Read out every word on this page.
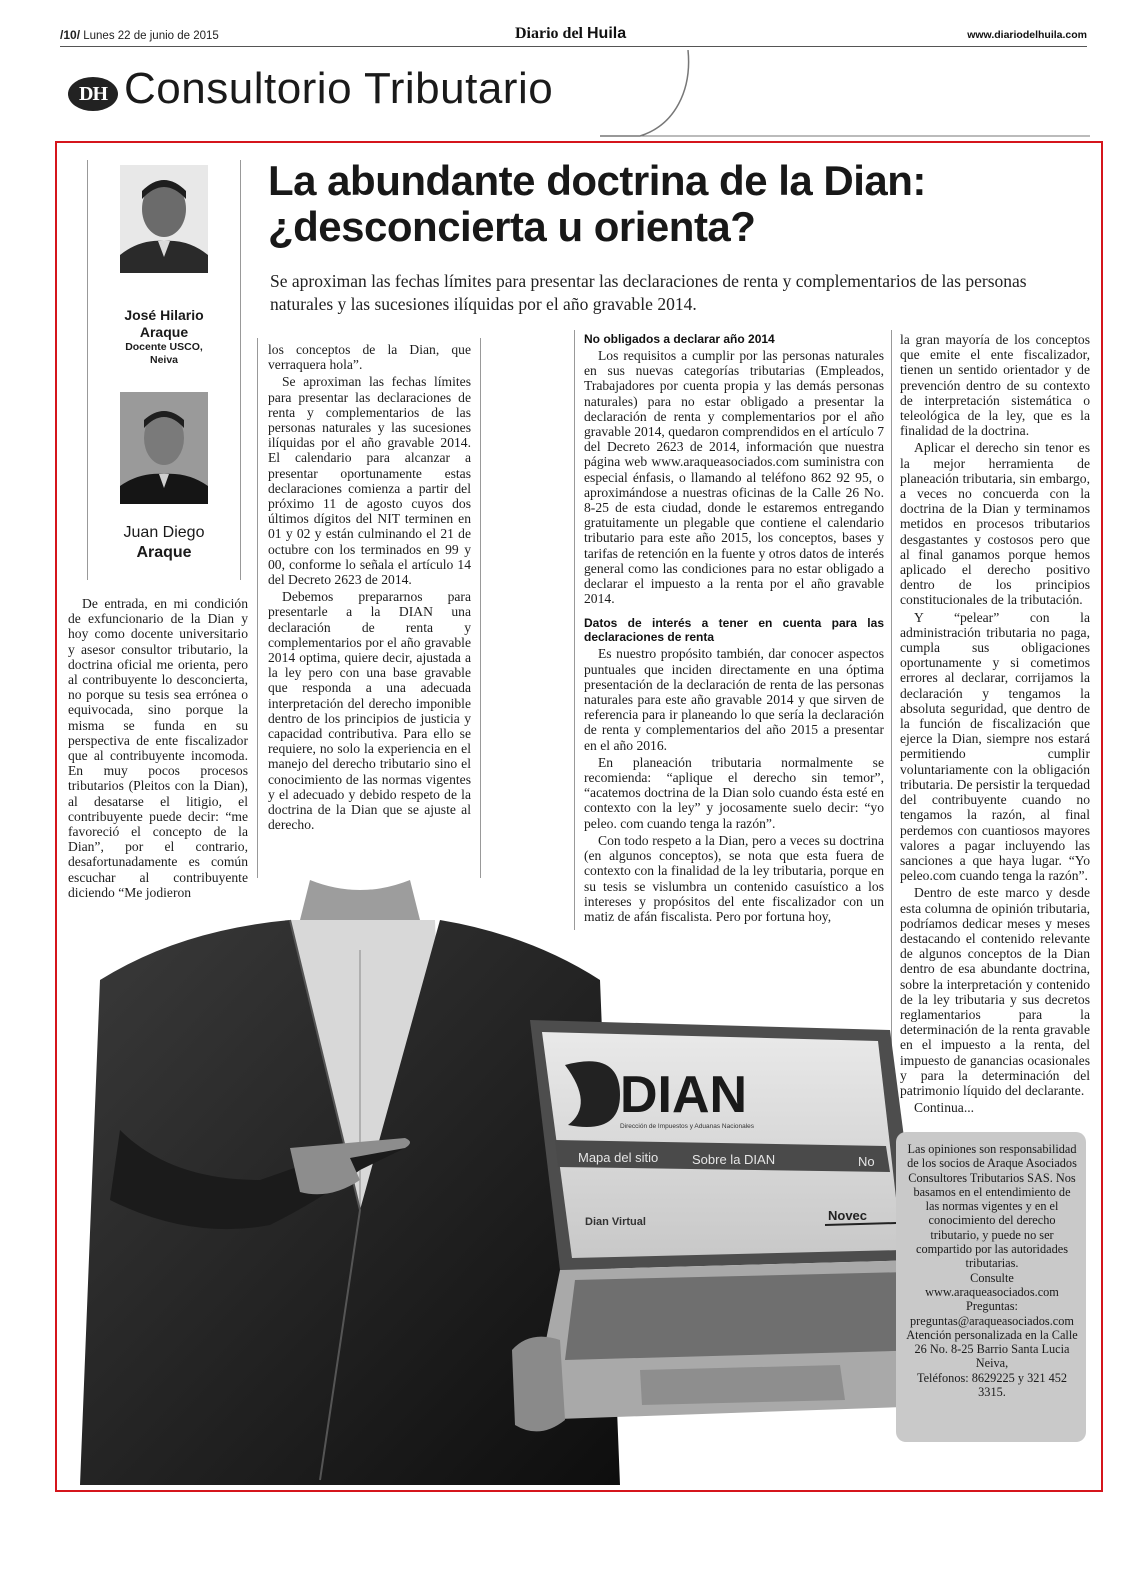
/10/ Lunes 22 de junio de 2015	Diario del Huila	www.diariodelhuila.com
DH Consultorio Tributario
José Hilario
Araque
Docente USCO,
Neiva
Juan Diego
Araque
La abundante doctrina de la Dian:
¿desconcierta u orienta?
Se aproximan las fechas límites para presentar las declaraciones de renta y complementarios de las personas naturales y las sucesiones ilíquidas por el año gravable 2014.

De entrada, en mi condición de exfuncionario de la Dian y hoy como docente universitario y asesor consultor tributario, la doctrina oficial me orienta, pero al contribuyente lo desconcierta, no porque su tesis sea errónea o equivocada, sino porque la misma se funda en su perspectiva de ente fiscalizador que al contribuyente incomoda. En muy pocos procesos tributarios (Pleitos con la Dian), al desatarse el litigio, el contribuyente puede decir: “me favoreció el concepto de la Dian”, por el contrario, desafortunadamente es común escuchar al contribuyente diciendo “Me jodieron

los conceptos de la Dian, que verraquera hola”.

Se aproximan las fechas límites para presentar las declaraciones de renta y complementarios de las personas naturales y las sucesiones ilíquidas por el año gravable 2014. El calendario para alcanzar a presentar oportunamente estas declaraciones comienza a partir del próximo 11 de agosto cuyos dos últimos dígitos del NIT terminen en 01 y 02 y están culminando el 21 de octubre con los terminados en 99 y 00, conforme lo señala el artículo 14 del Decreto 2623 de 2014.

Debemos prepararnos para presentarle a la DIAN una declaración de renta y complementarios por el año gravable 2014 optima, quiere decir, ajustada a la ley pero con una base gravable que responda a una adecuada interpretación del derecho imponible dentro de los principios de justicia y capacidad contributiva. Para ello se requiere, no solo la experiencia en el manejo del derecho tributario sino el conocimiento de las normas vigentes y el adecuado y debido respeto de la doctrina de la Dian que se ajuste al derecho.

No obligados a declarar año 2014

Los requisitos a cumplir por las personas naturales en sus nuevas categorías tributarias (Empleados, Trabajadores por cuenta propia y las demás personas naturales) para no estar obligado a presentar la declaración de renta y complementarios por el año gravable 2014, quedaron comprendidos en el artículo 7 del Decreto 2623 de 2014, información que nuestra página web www.araqueasociados.com suministra con especial énfasis, o llamando al teléfono 862 92 95, o aproximándose a nuestras oficinas de la Calle 26 No. 8-25 de esta ciudad, donde le estaremos entregando gratuitamente un plegable que contiene el calendario tributario para este año 2015, los conceptos, bases y tarifas de retención en la fuente y otros datos de interés general como las condiciones para no estar obligado a declarar el impuesto a la renta por el año gravable 2014.

Datos de interés a tener en cuenta para las declaraciones de renta

Es nuestro propósito también, dar conocer aspectos puntuales que inciden directamente en una óptima presentación de la declaración de renta de las personas naturales para este año gravable 2014 y que sirven de referencia para ir planeando lo que sería la declaración de renta y complementarios del año 2015 a presentar en el año 2016.

En planeación tributaria normalmente se recomienda: “aplique el derecho sin temor”, “acatemos doctrina de la Dian solo cuando ésta esté en contexto con la ley” y jocosamente suelo decir: “yo peleo. com cuando tenga la razón”.

Con todo respeto a la Dian, pero a veces su doctrina (en algunos conceptos), se nota que esta fuera de contexto con la finalidad de la ley tributaria, porque en su tesis se vislumbra un contenido casuístico a los intereses y propósitos del ente fiscalizador con un matiz de afán fiscalista. Pero por fortuna hoy,

la gran mayoría de los conceptos que emite el ente fiscalizador, tienen un sentido orientador y de prevención dentro de su contexto de interpretación sistemática o teleológica de la ley, que es la finalidad de la doctrina.

Aplicar el derecho sin tenor es la mejor herramienta de planeación tributaria, sin embargo, a veces no concuerda con la doctrina de la Dian y terminamos metidos en procesos tributarios desgastantes y costosos pero que al final ganamos porque hemos aplicado el derecho positivo dentro de los principios constitucionales de la tributación.

Y “pelear” con la administración tributaria no paga, cumpla sus obligaciones oportunamente y si cometimos errores al declarar, corrijamos la declaración y tengamos la absoluta seguridad, que dentro de la función de fiscalización que ejerce la Dian, siempre nos estará permitiendo cumplir voluntariamente con la obligación tributaria. De persistir la terquedad del contribuyente cuando no tengamos la razón, al final perdemos con cuantiosos mayores valores a pagar incluyendo las sanciones a que haya lugar. “Yo peleo.com cuando tenga la razón”.

Dentro de este marco y desde esta columna de opinión tributaria, podríamos dedicar meses y meses destacando el contenido relevante de algunos conceptos de la Dian dentro de esa abundante doctrina, sobre la interpretación y contenido de la ley tributaria y sus decretos reglamentarios para la determinación de la renta gravable en el impuesto a la renta, del impuesto de ganancias ocasionales y para la determinación del patrimonio líquido del declarante.

Continua...

Mapa del sitio	Sobre la DIAN	No
DIAN
Dirección de Impuestos y Aduanas Nacionales
Dian Virtual	Novec
Las opiniones son responsabilidad de los socios de Araque Asociados Consultores Tributarios SAS. Nos basamos en el entendimiento de las normas vigentes y en el conocimiento del derecho tributario, y puede no ser compartido por las autoridades tributarias.
Consulte
www.araqueasociados.com
Preguntas: preguntas@araqueasociados.com
Atención personalizada en la Calle 26 No. 8-25 Barrio Santa Lucia Neiva,
Teléfonos: 8629225 y 321 452 3315.
